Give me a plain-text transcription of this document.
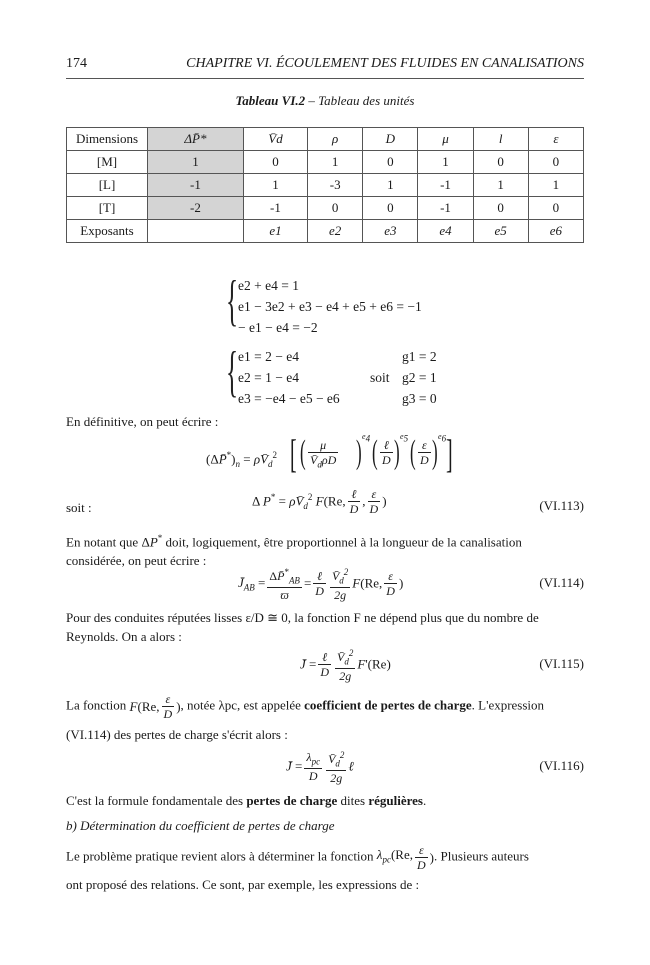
174	CHAPITRE VI. ÉCOULEMENT DES FLUIDES EN CANALISATIONS
Tableau VI.2 – Tableau des unités
Dimensions	ΔP̄*	V̄d	ρ	D	μ	l	ε
[M]	1	0	1	0	1	0	0
[L]	-1	1	-3	1	-1	1	1
[T]	-2	-1	0	0	-1	0	0
Exposants		e1	e2	e3	e4	e5	e6
{ e2 + e4 = 1
e1 − 3e2 + e3 − e4 + e5 + e6 = −1
− e1 − e4 = −2
{ e1 = 2 − e4
e2 = 1 − e4
e3 = −e4 − e5 − e6
soit
g1 = 2
g2 = 1
g3 = 0
En définitive, on peut écrire :
$(\Delta P̄^*)_n$ = $\rho V̄_d^2$ [ (	μ
$V̄_d\rho D$ ) $e_4$ ( ℓ
D ) $e_5$ ( $\frac{\varepsilon}{D}$ ) $e_6$ ]
soit :	Δ $P^* = \rho V̄_d^2$ F(Re, $\frac{\text{ℓ}}{D}$ , $\frac{\varepsilon}{D}$ )	(VI.113)
En notant que ΔP* doit, logiquement, être proportionnel à la longueur de la canalisation
considérée, on peut écrire :
$J̄_{AB} = \frac{\Delta P̄^*_{AB}}{ϖ} = \frac{\text{ℓ}}{D} \frac{V̄_d^2}{2g} F(Re$, $\frac{\varepsilon}{D}$ )	(VI.114)
Pour des conduites réputées lisses ε/D ≅ 0, la fonction F ne dépend plus que du nombre de
Reynolds. On a alors :
J̄ = $\frac{\text{ℓ}}{D} \frac{V̄_d^2}{2g} F'(Re)$	(VI.115)
La fonction F(Re, $\frac{\varepsilon}{D}$ ), notée λpc, est appelée coefficient de pertes de charge. L'expression
(VI.114) des pertes de charge s'écrit alors :
J̄ = $\frac{\lambda_{pc}}{D} \frac{V̄_d^2}{2g}$ ℓ	(VI.116)
C'est la formule fondamentale des pertes de charge dites régulières.
b) Détermination du coefficient de pertes de charge
Le problème pratique revient alors à déterminer la fonction $\lambda_{pc}(Re$, $\frac{\varepsilon}{D}$ ). Plusieurs auteurs
ont proposé des relations. Ce sont, par exemple, les expressions de :
